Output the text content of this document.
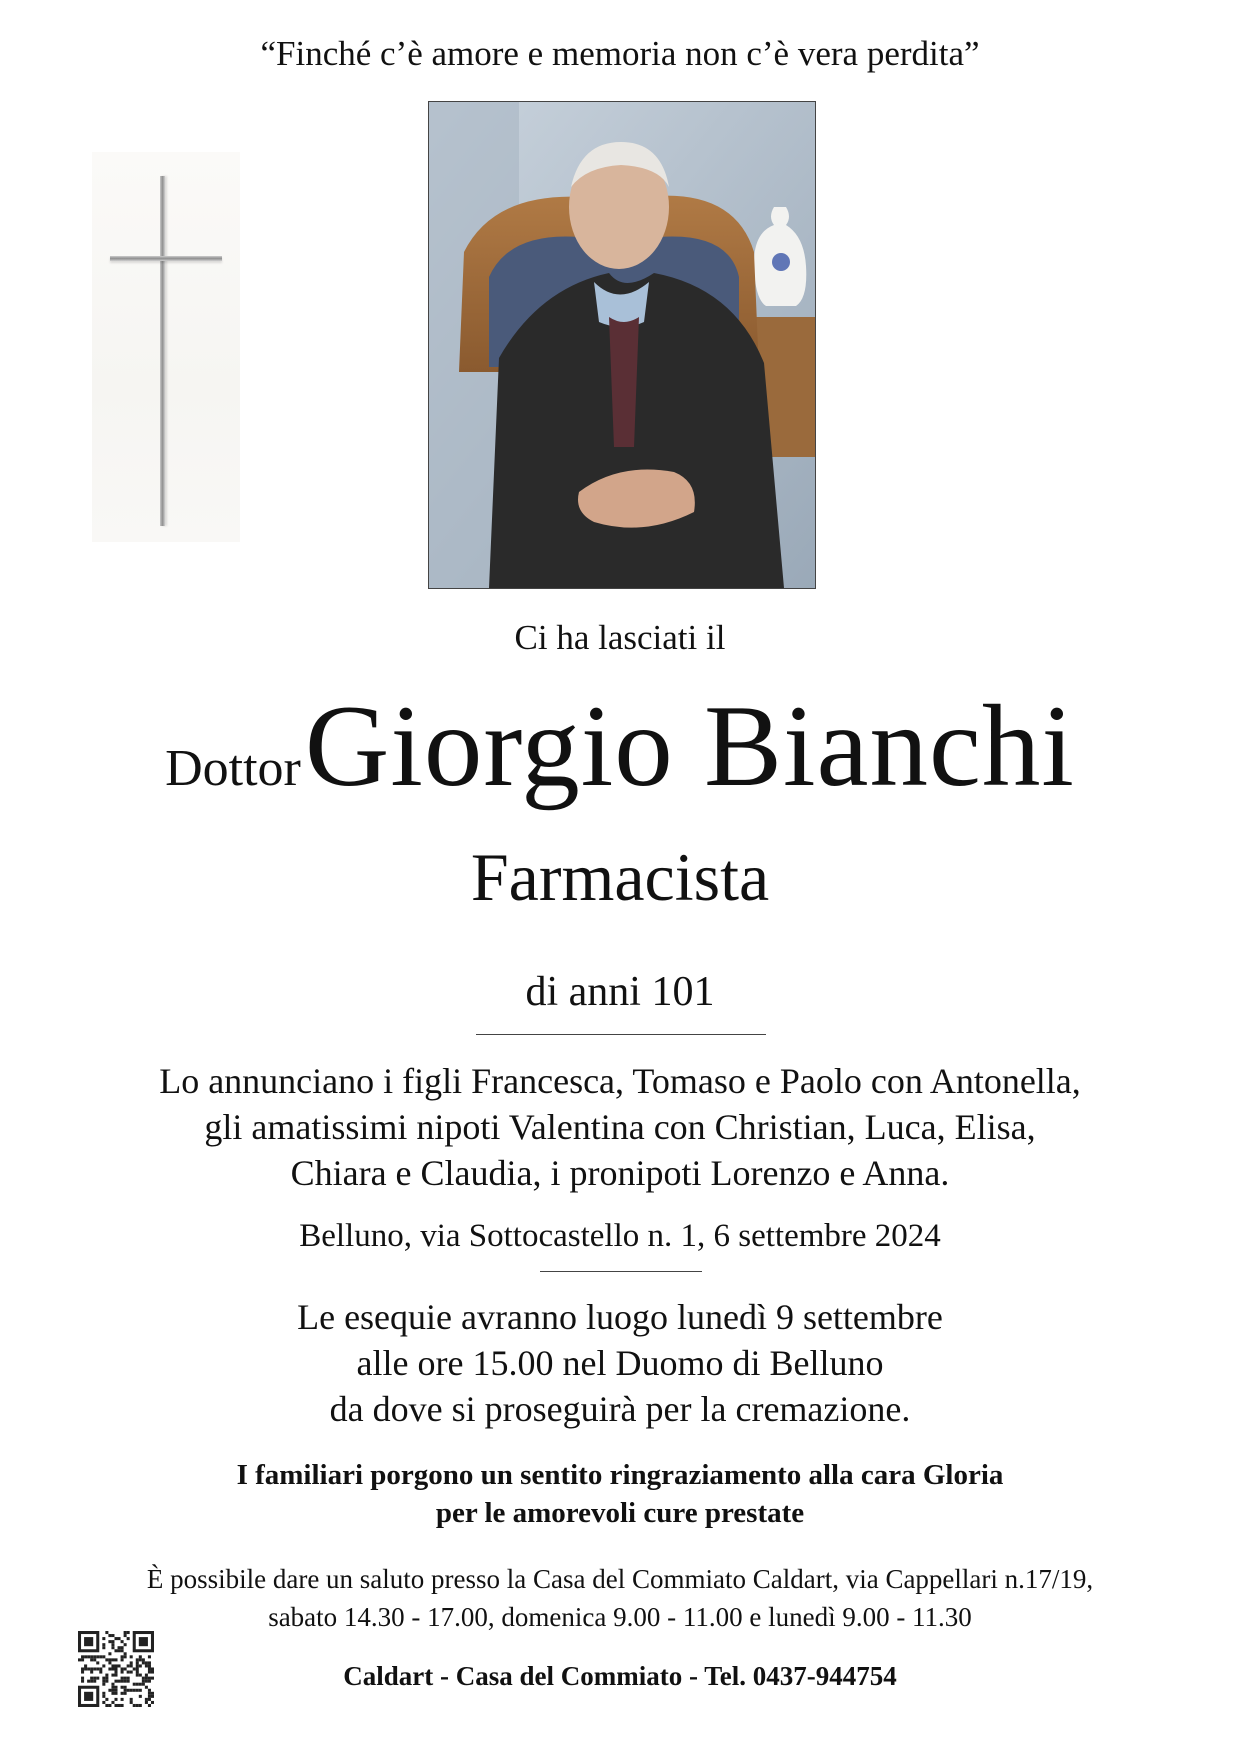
“Finché c’è amore e memoria non c’è vera perdita”
Ci ha lasciati il
Dottor Giorgio Bianchi
Farmacista
di anni 101
Lo annunciano i figli Francesca, Tomaso e Paolo con Antonella,
gli amatissimi nipoti Valentina con Christian, Luca, Elisa,
Chiara e Claudia, i pronipoti Lorenzo e Anna.
Belluno, via Sottocastello n. 1, 6 settembre 2024
Le esequie avranno luogo lunedì 9 settembre
alle ore 15.00 nel Duomo di Belluno
da dove si proseguirà per la cremazione.
I familiari porgono un sentito ringraziamento alla cara Gloria
per le amorevoli cure prestate
È possibile dare un saluto presso la Casa del Commiato Caldart, via Cappellari n.17/19,
sabato 14.30 - 17.00, domenica 9.00 - 11.00 e lunedì 9.00 - 11.30
Caldart - Casa del Commiato - Tel. 0437-944754
